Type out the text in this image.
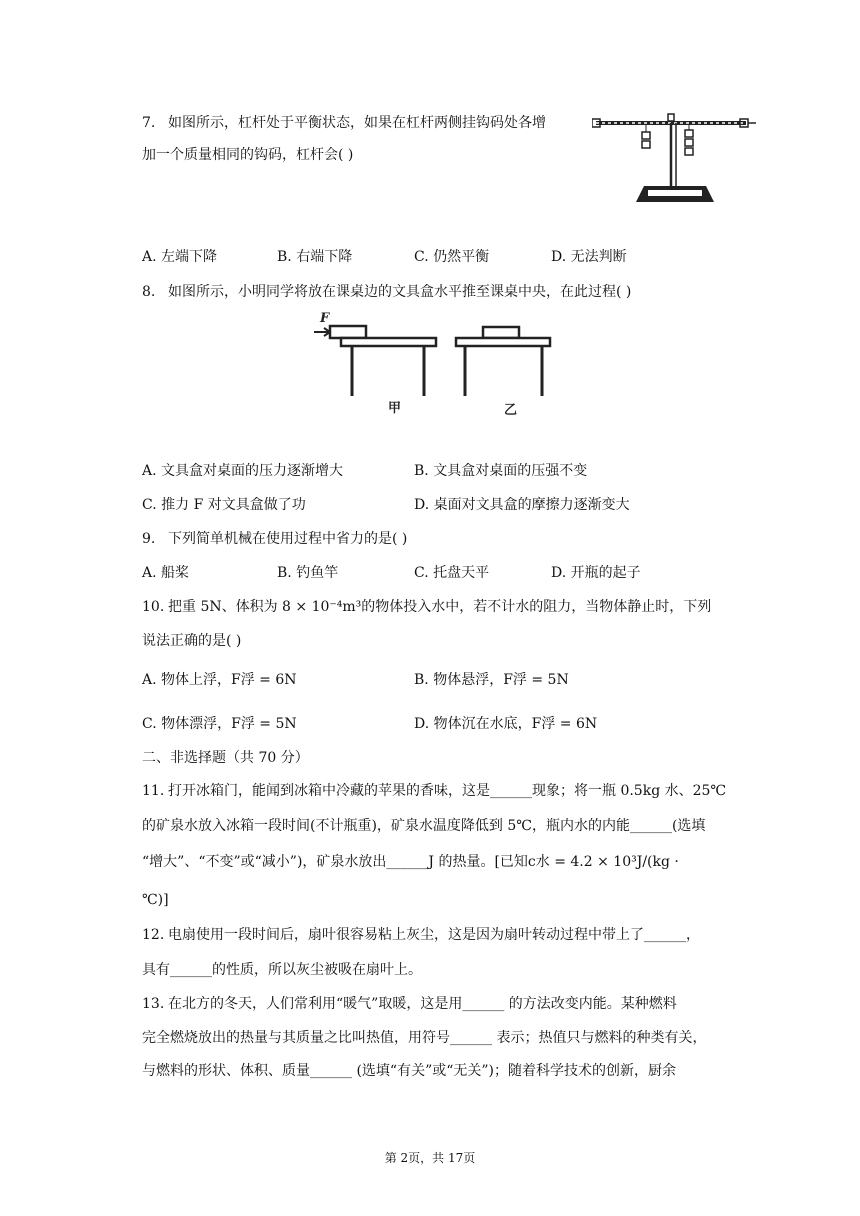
7. 如图所示，杠杆处于平衡状态，如果在杠杆两侧挂钩码处各增
加一个质量相同的钩码，杠杆会( )
A. 左端下降	B. 右端下降	C. 仍然平衡	D. 无法判断
8. 如图所示，小明同学将放在课桌边的文具盒水平推至课桌中央，在此过程( )
F
甲	乙
A. 文具盒对桌面的压力逐渐增大	B. 文具盒对桌面的压强不变
C. 推力 F 对文具盒做了功	D. 桌面对文具盒的摩擦力逐渐变大
9. 下列简单机械在使用过程中省力的是( )
A. 船桨	B. 钓鱼竿	C. 托盘天平	D. 开瓶的起子
10. 把重 5N、体积为 8 × 10⁻⁴m³的物体投入水中，若不计水的阻力，当物体静止时，下列
说法正确的是( )
A. 物体上浮，F浮 = 6N	B. 物体悬浮，F浮 = 5N
C. 物体漂浮，F浮 = 5N	D. 物体沉在水底，F浮 = 6N
二、非选择题（共 70 分）
11. 打开冰箱门，能闻到冰箱中冷藏的苹果的香味，这是______现象；将一瓶 0.5kg 水、25℃
的矿泉水放入冰箱一段时间(不计瓶重)，矿泉水温度降低到 5℃，瓶内水的内能______(选填
“增大”、“不变”或“减小”)，矿泉水放出______J 的热量。[已知c水 = 4.2 × 10³J/(kg ·
℃)]
12. 电扇使用一段时间后，扇叶很容易粘上灰尘，这是因为扇叶转动过程中带上了______，
具有______的性质，所以灰尘被吸在扇叶上。
13. 在北方的冬天，人们常利用“暖气”取暖，这是用______ 的方法改变内能。某种燃料
完全燃烧放出的热量与其质量之比叫热值，用符号______ 表示；热值只与燃料的种类有关，
与燃料的形状、体积、质量______ (选填“有关”或“无关”)；随着科学技术的创新，厨余
第 2页，共 17页
